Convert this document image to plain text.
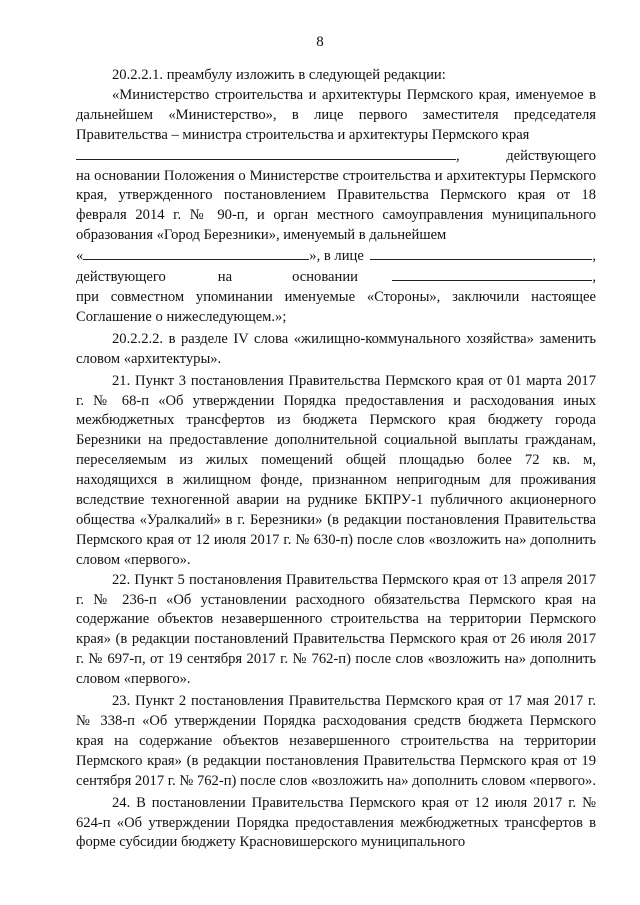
8

20.2.2.1. преамбулу изложить в следующей редакции:

«Министерство строительства и архитектуры Пермского края, именуемое в дальнейшем «Министерство», в лице первого заместителя председателя Правительства – министра строительства и архитектуры Пермского края

,	действующего

на основании Положения о Министерстве строительства и архитектуры Пермского края, утвержденного постановлением Правительства Пермского края от 18 февраля 2014 г. № 90-п, и орган местного самоуправления муниципального образования «Город Березники», именуемый в дальнейшем

«	», в лице	,
действующего	на	основании	,

при совместном упоминании именуемые «Стороны», заключили настоящее Соглашение о нижеследующем.»;

20.2.2.2. в разделе IV слова «жилищно-коммунального хозяйства» заменить словом «архитектуры».

21. Пункт 3 постановления Правительства Пермского края от 01 марта 2017 г. № 68-п «Об утверждении Порядка предоставления и расходования иных межбюджетных трансфертов из бюджета Пермского края бюджету города Березники на предоставление дополнительной социальной выплаты гражданам, переселяемым из жилых помещений общей площадью более 72 кв. м, находящихся в жилищном фонде, признанном непригодным для проживания вследствие техногенной аварии на руднике БКПРУ-1 публичного акционерного общества «Уралкалий» в г. Березники» (в редакции постановления Правительства Пермского края от 12 июля 2017 г. № 630-п) после слов «возложить на» дополнить словом «первого».

22. Пункт 5 постановления Правительства Пермского края от 13 апреля 2017 г. № 236-п «Об установлении расходного обязательства Пермского края на содержание объектов незавершенного строительства на территории Пермского края» (в редакции постановлений Правительства Пермского края от 26 июля 2017 г. № 697-п, от 19 сентября 2017 г. № 762-п) после слов «возложить на» дополнить словом «первого».

23. Пункт 2 постановления Правительства Пермского края от 17 мая 2017 г. № 338-п «Об утверждении Порядка расходования средств бюджета Пермского края на содержание объектов незавершенного строительства на территории Пермского края» (в редакции постановления Правительства Пермского края от 19 сентября 2017 г. № 762-п) после слов «возложить на» дополнить словом «первого».

24. В постановлении Правительства Пермского края от 12 июля 2017 г. № 624-п «Об утверждении Порядка предоставления межбюджетных трансфертов в форме субсидии бюджету Красновишерского муниципального
